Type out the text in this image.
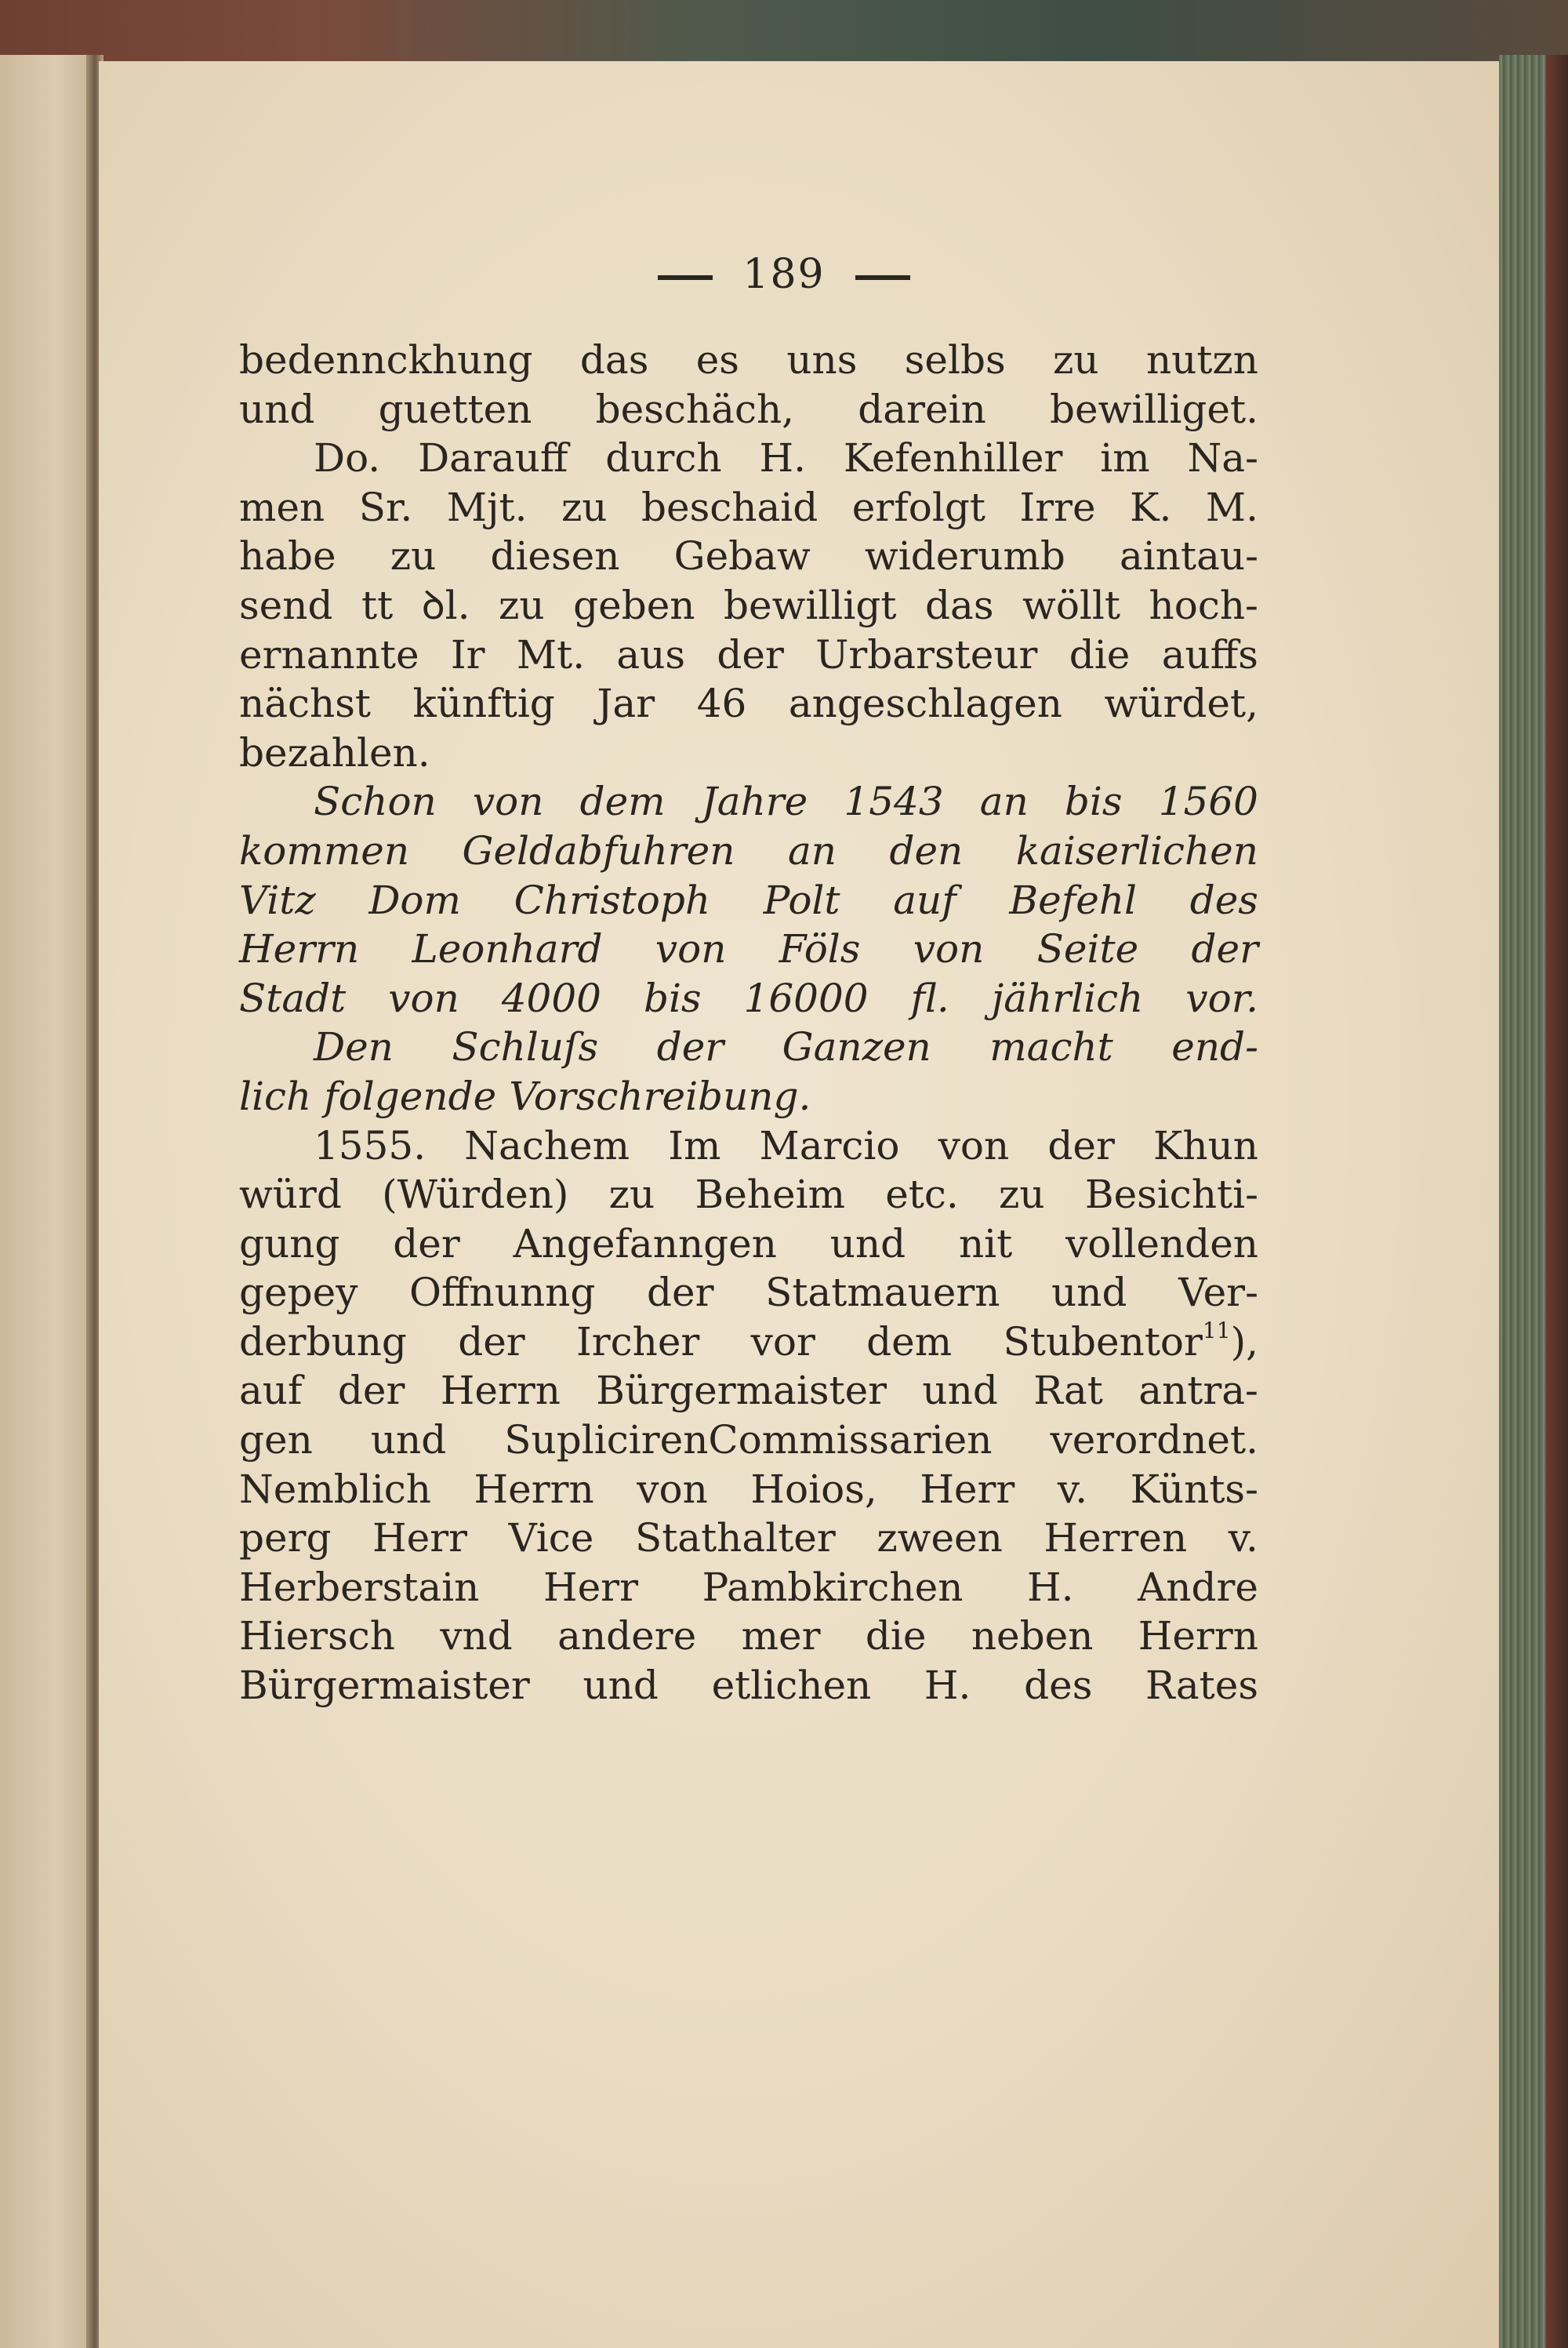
189
bedennckhung das es uns selbs zu nutzn
und guetten beschäch, darein bewilliget.
Do. Darauff durch H. Kefenhiller im Na-
men Sr. Mjt. zu beschaid erfolgt Irre K. M.
habe zu diesen Gebaw widerumb aintau-
send tt ꝺl. zu geben bewilligt das wöllt hoch-
ernannte Ir Mt. aus der Urbarsteur die auffs
nächst künftig Jar 46 angeschlagen würdet,
bezahlen.
Schon von dem Jahre 1543 an bis 1560
kommen Geldabfuhren an den kaiserlichen
Vitz Dom Christoph Polt auf Befehl des
Herrn Leonhard von Föls von Seite der
Stadt von 4000 bis 16000 fl. jährlich vor.
Den Schluſs der Ganzen macht end-
lich folgende Vorschreibung.
1555. Nachem Im Marcio von der Khun
würd (Würden) zu Beheim etc. zu Besichti-
gung der Angefanngen und nit vollenden
gepey Offnunng der Statmauern und Ver-
derbung der Ircher vor dem Stubentor$^{11}$),
auf der Herrn Bürgermaister und Rat antra-
gen und SuplicirenCommissarien verordnet.
Nemblich Herrn von Hoios, Herr v. Künts-
perg Herr Vice Stathalter zween Herren v.
Herberstain Herr Pambkirchen H. Andre
Hiersch vnd andere mer die neben Herrn
Bürgermaister und etlichen H. des Rates
